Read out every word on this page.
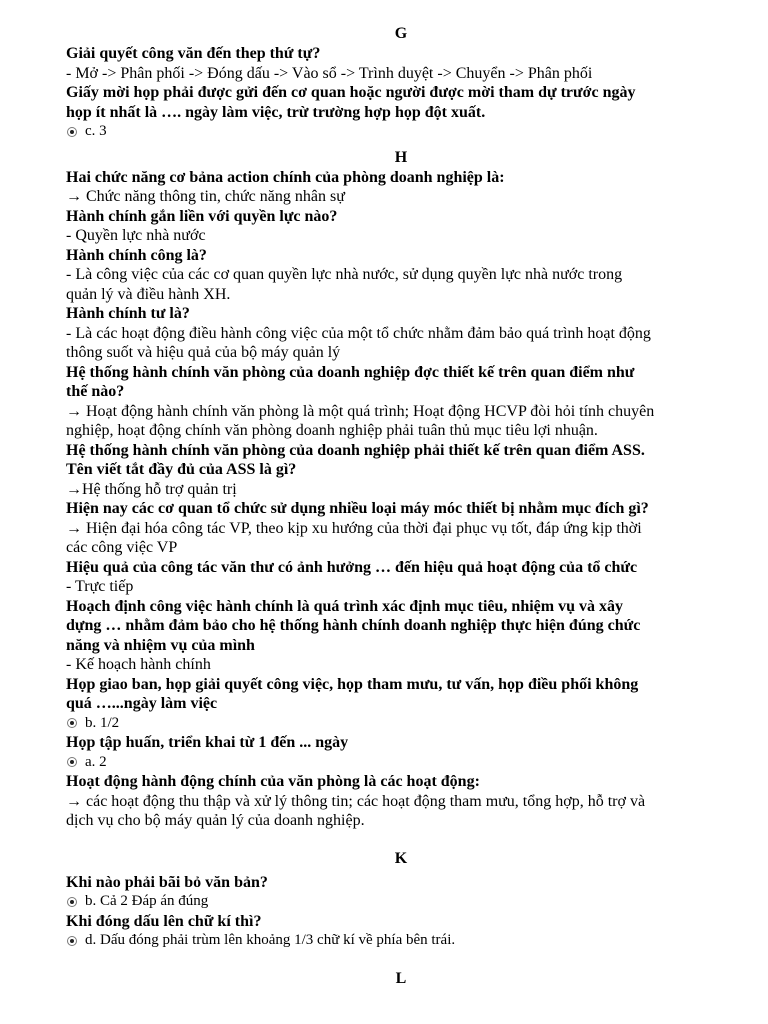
G
Giải quyết công văn đến thep thứ tự?
- Mở -> Phân phối -> Đóng dấu -> Vào sổ -> Trình duyệt -> Chuyển -> Phân phối
Giấy mời họp phải được gửi đến cơ quan hoặc người được mời tham dự trước ngày
họp ít nhất là …. ngày làm việc, trừ trường hợp họp đột xuất.
c. 3
H
Hai chức năng cơ bảna action chính của phòng doanh nghiệp là:
→ Chức năng thông tin, chức năng nhân sự
Hành chính gắn liền với quyền lực nào?
- Quyền lực nhà nước
Hành chính công là?
- Là công việc của các cơ quan quyền lực nhà nước, sử dụng quyền lực nhà nước trong
quản lý và điều hành XH.
Hành chính tư là?
- Là các hoạt động điều hành công việc của một tổ chức nhằm đảm bảo quá trình hoạt động
thông suốt và hiệu quả của bộ máy quản lý
Hệ thống hành chính văn phòng của doanh nghiệp đợc thiết kế trên quan điểm như
thế nào?
→ Hoạt động hành chính văn phòng là một quá trình; Hoạt động HCVP đòi hỏi tính chuyên
nghiệp, hoạt động chính văn phòng doanh nghiệp phải tuân thủ mục tiêu lợi nhuận.
Hệ thống hành chính văn phòng của doanh nghiệp phải thiết kế trên quan điểm ASS.
Tên viết tắt đầy đủ của ASS là gì?
→Hệ thống hỗ trợ quản trị
Hiện nay các cơ quan tổ chức sử dụng nhiều loại máy móc thiết bị nhằm mục đích gì?
→ Hiện đại hóa công tác VP, theo kịp xu hướng của thời đại phục vụ tốt, đáp ứng kịp thời
các công việc VP
Hiệu quả của công tác văn thư có ảnh hưởng … đến hiệu quả hoạt động của tổ chức
- Trực tiếp
Hoạch định công việc hành chính là quá trình xác định mục tiêu, nhiệm vụ và xây
dựng … nhằm đảm bảo cho hệ thống hành chính doanh nghiệp thực hiện đúng chức
năng và nhiệm vụ của mình
- Kế hoạch hành chính
Họp giao ban, họp giải quyết công việc, họp tham mưu, tư vấn, họp điều phối không
quá …...ngày làm việc
b. 1/2
Họp tập huấn, triển khai từ 1 đến ... ngày
a. 2
Hoạt động hành động chính của văn phòng là các hoạt động:
→ các hoạt động thu thập và xử lý thông tin; các hoạt động tham mưu, tổng hợp, hỗ trợ và
dịch vụ cho bộ máy quản lý của doanh nghiệp.
K
Khi nào phải bãi bỏ văn bản?
b. Cả 2 Đáp án đúng
Khi đóng dấu lên chữ kí thì?
d. Dấu đóng phải trùm lên khoảng 1/3 chữ kí về phía bên trái.
L
